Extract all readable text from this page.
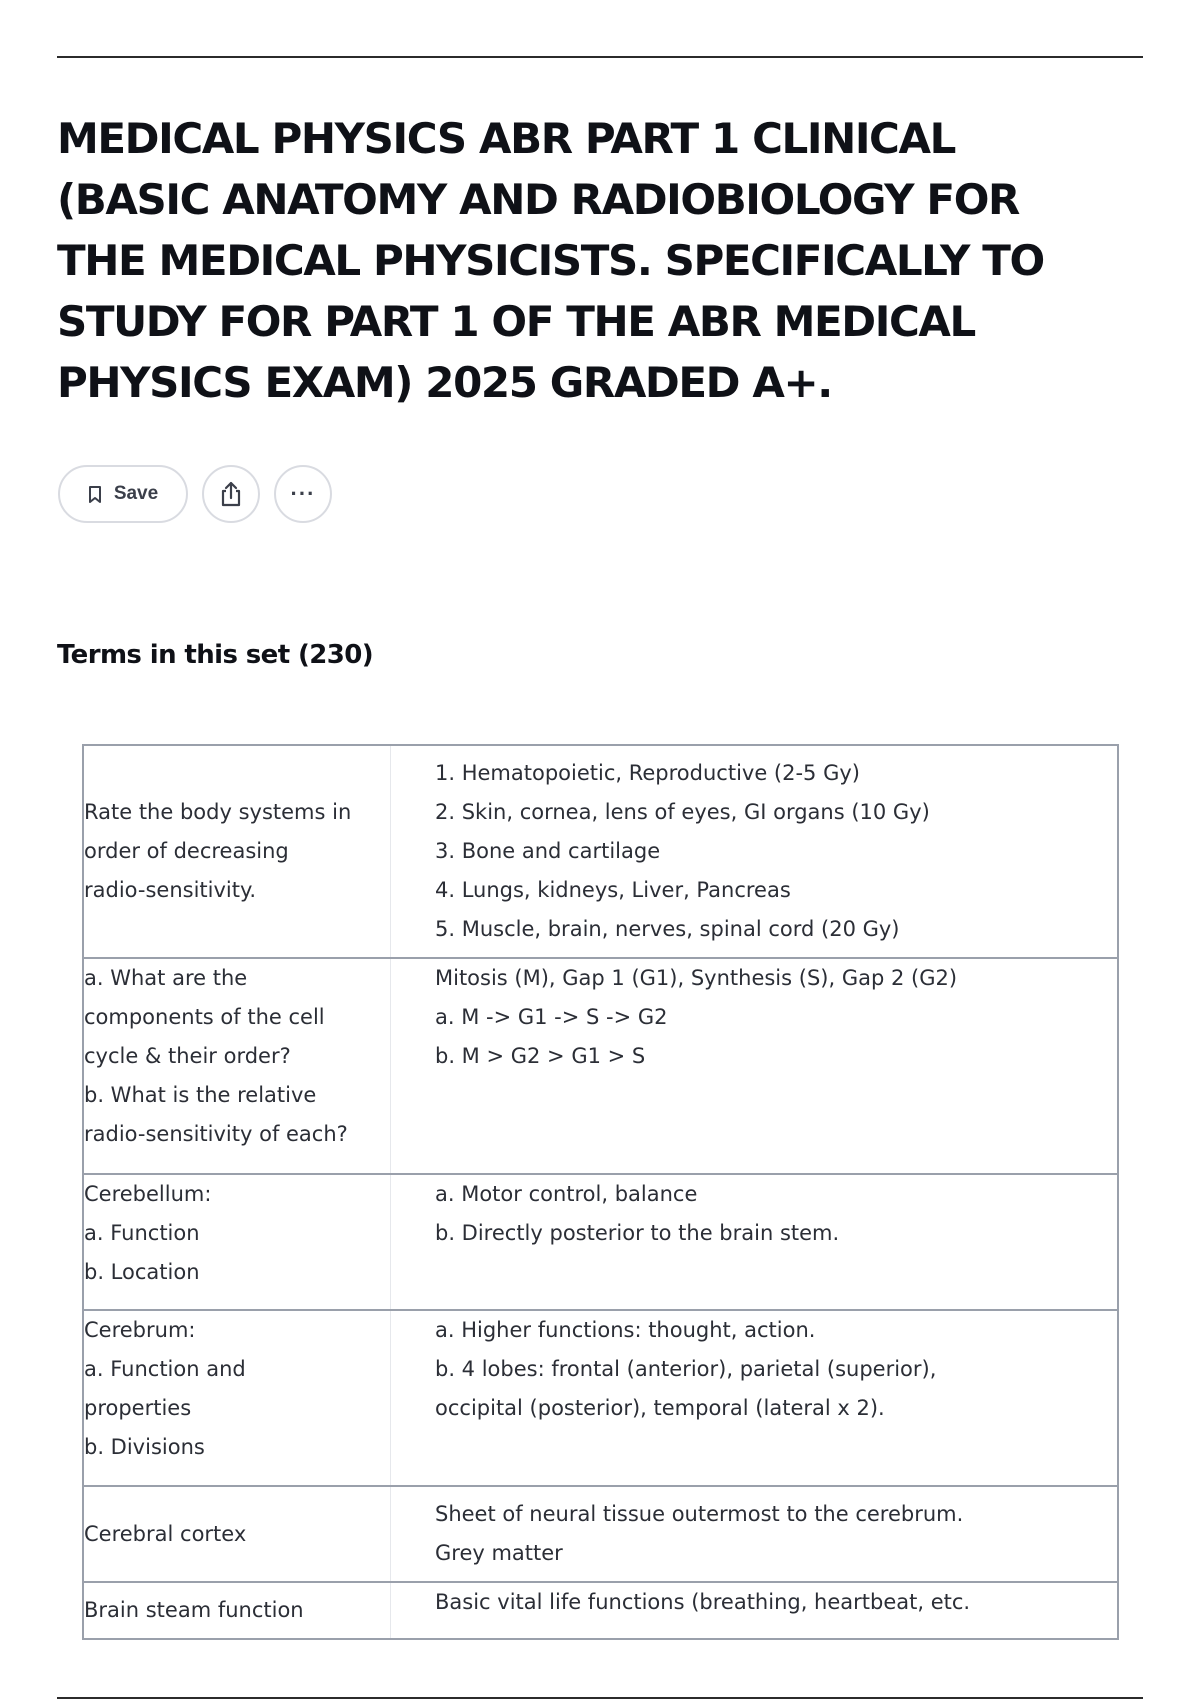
MEDICAL PHYSICS ABR PART 1 CLINICAL
(BASIC ANATOMY AND RADIOBIOLOGY FOR
THE MEDICAL PHYSICISTS. SPECIFICALLY TO
STUDY FOR PART 1 OF THE ABR MEDICAL
PHYSICS EXAM) 2025 GRADED A+.
Save	···
Terms in this set (230)
Rate the body systems in
order of decreasing
radio-sensitivity.	1. Hematopoietic, Reproductive (2-5 Gy)
2. Skin, cornea, lens of eyes, GI organs (10 Gy)
3. Bone and cartilage
4. Lungs, kidneys, Liver, Pancreas
5. Muscle, brain, nerves, spinal cord (20 Gy)

a. What are the
components of the cell
cycle & their order?
b. What is the relative
radio-sensitivity of each?	Mitosis (M), Gap 1 (G1), Synthesis (S), Gap 2 (G2)
a. M -> G1 -> S -> G2
b. M > G2 > G1 > S

Cerebellum:
a. Function
b. Location	a. Motor control, balance
b. Directly posterior to the brain stem.

Cerebrum:
a. Function and
properties
b. Divisions	a. Higher functions: thought, action.
b. 4 lobes: frontal (anterior), parietal (superior),
occipital (posterior), temporal (lateral x 2).

Cerebral cortex	Sheet of neural tissue outermost to the cerebrum.
Grey matter

Brain steam function	Basic vital life functions (breathing, heartbeat, etc.
